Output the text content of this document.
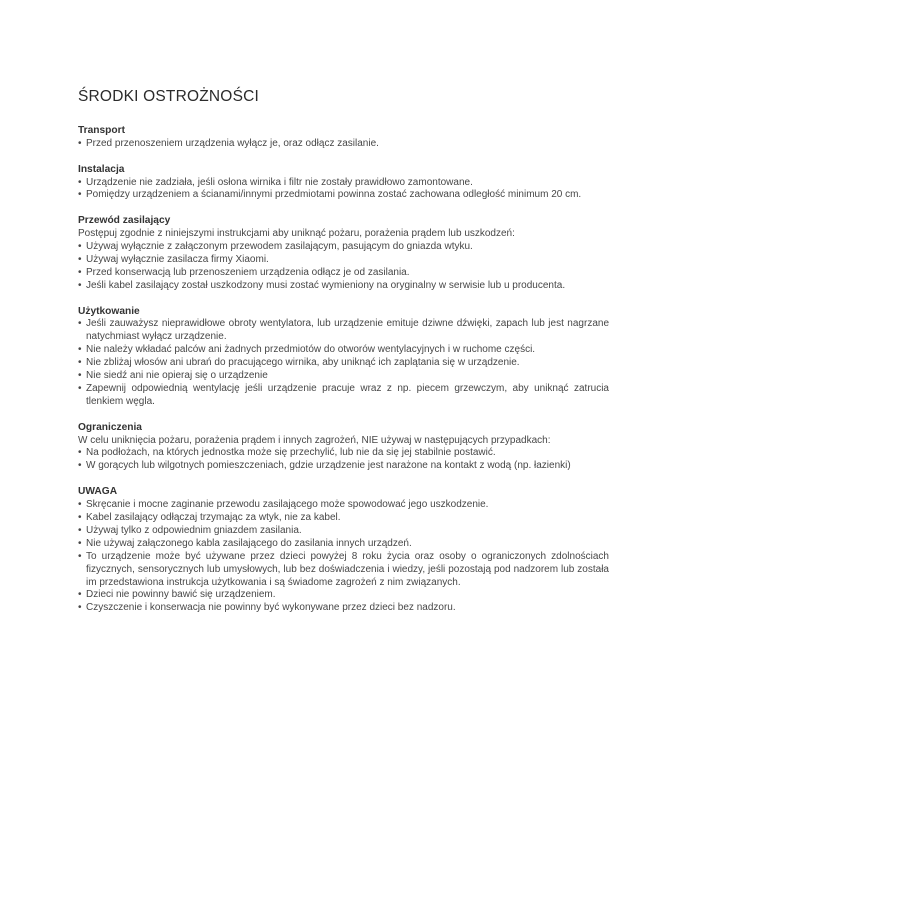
ŚRODKI OSTROŻNOŚCI
Transport
• Przed przenoszeniem urządzenia wyłącz je, oraz odłącz zasilanie.
Instalacja
• Urządzenie nie zadziała, jeśli osłona wirnika i filtr nie zostały prawidłowo zamontowane.
• Pomiędzy urządzeniem a ścianami/innymi przedmiotami powinna zostać zachowana odległość minimum 20 cm.
Przewód zasilający

Postępuj zgodnie z niniejszymi instrukcjami aby uniknąć pożaru, porażenia prądem lub uszkodzeń:

• Używaj wyłącznie z załączonym przewodem zasilającym, pasującym do gniazda wtyku.
• Używaj wyłącznie zasilacza firmy Xiaomi.
• Przed konserwacją lub przenoszeniem urządzenia odłącz je od zasilania.
• Jeśli kabel zasilający został uszkodzony musi zostać wymieniony na oryginalny w serwisie lub u producenta.
Użytkowanie
• Jeśli zauważysz nieprawidłowe obroty wentylatora, lub urządzenie emituje dziwne dźwięki, zapach lub jest nagrzane natychmiast wyłącz urządzenie.
• Nie należy wkładać palców ani żadnych przedmiotów do otworów wentylacyjnych i w ruchome części.
• Nie zbliżaj włosów ani ubrań do pracującego wirnika, aby uniknąć ich zaplątania się w urządzenie.
• Nie siedź ani nie opieraj się o urządzenie
• Zapewnij odpowiednią wentylację jeśli urządzenie pracuje wraz z np. piecem grzewczym, aby uniknąć zatrucia tlenkiem węgla.
Ograniczenia

W celu uniknięcia pożaru, porażenia prądem i innych zagrożeń, NIE używaj w następujących przypadkach:

• Na podłożach, na których jednostka może się przechylić, lub nie da się jej stabilnie postawić.
• W gorących lub wilgotnych pomieszczeniach, gdzie urządzenie jest narażone na kontakt z wodą (np. łazienki)
UWAGA
• Skręcanie i mocne zaginanie przewodu zasilającego może spowodować jego uszkodzenie.
• Kabel zasilający odłączaj trzymając za wtyk, nie za kabel.
• Używaj tylko z odpowiednim gniazdem zasilania.
• Nie używaj załączonego kabla zasilającego do zasilania innych urządzeń.
• To urządzenie może być używane przez dzieci powyżej 8 roku życia oraz osoby o ograniczonych zdolnościach fizycznych, sensorycznych lub umysłowych, lub bez doświadczenia i wiedzy, jeśli pozostają pod nadzorem lub została im przedstawiona instrukcja użytkowania i są świadome zagrożeń z nim związanych.
• Dzieci nie powinny bawić się urządzeniem.
• Czyszczenie i konserwacja nie powinny być wykonywane przez dzieci bez nadzoru.
